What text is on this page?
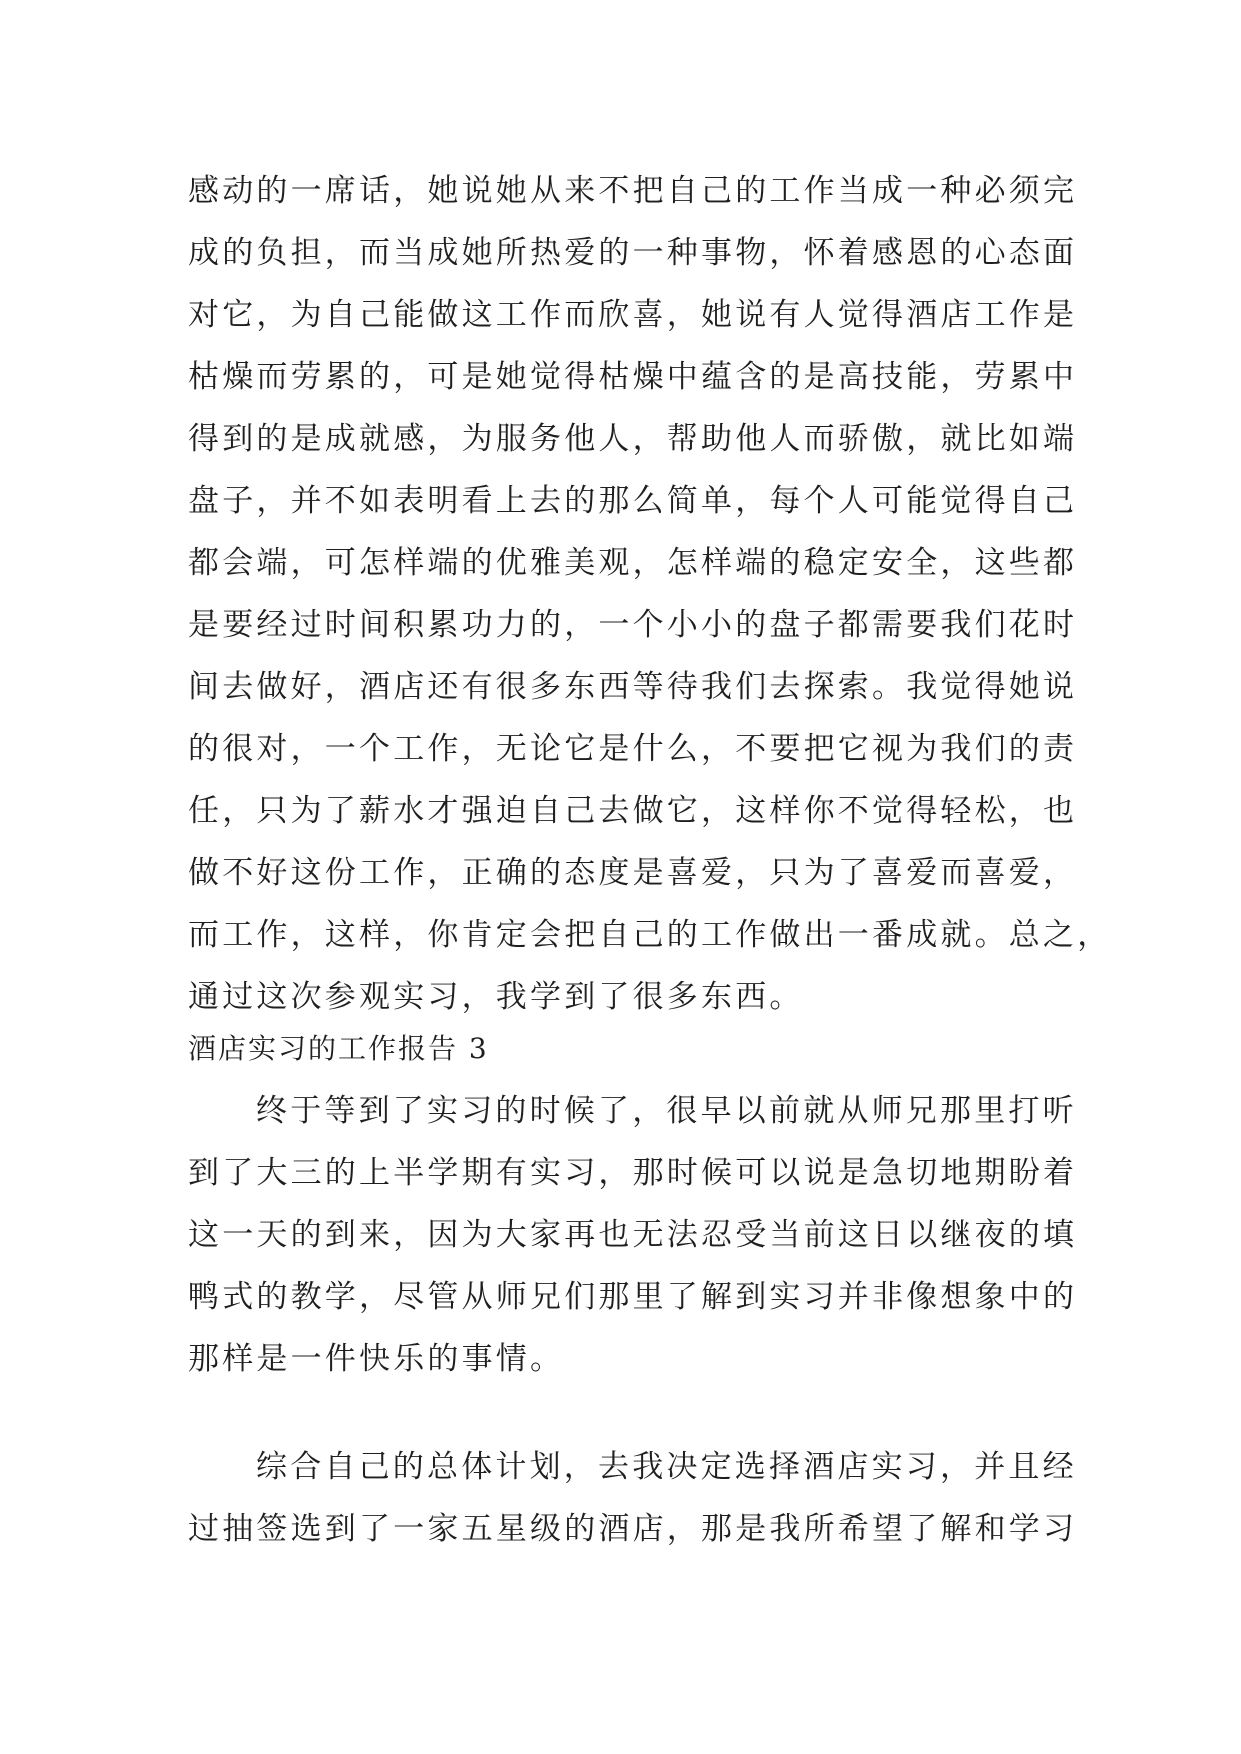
感动的一席话，她说她从来不把自己的工作当成一种必须完
成的负担，而当成她所热爱的一种事物，怀着感恩的心态面
对它，为自己能做这工作而欣喜，她说有人觉得酒店工作是
枯燥而劳累的，可是她觉得枯燥中蕴含的是高技能，劳累中
得到的是成就感，为服务他人，帮助他人而骄傲，就比如端
盘子，并不如表明看上去的那么简单，每个人可能觉得自己
都会端，可怎样端的优雅美观，怎样端的稳定安全，这些都
是要经过时间积累功力的，一个小小的盘子都需要我们花时
间去做好，酒店还有很多东西等待我们去探索。我觉得她说
的很对，一个工作，无论它是什么，不要把它视为我们的责
任，只为了薪水才强迫自己去做它，这样你不觉得轻松，也
做不好这份工作，正确的态度是喜爱，只为了喜爱而喜爱，
而工作，这样，你肯定会把自己的工作做出一番成就。总之，
通过这次参观实习，我学到了很多东西。
酒店实习的工作报告 3
终于等到了实习的时候了，很早以前就从师兄那里打听
到了大三的上半学期有实习，那时候可以说是急切地期盼着
这一天的到来，因为大家再也无法忍受当前这日以继夜的填
鸭式的教学，尽管从师兄们那里了解到实习并非像想象中的
那样是一件快乐的事情。
综合自己的总体计划，去我决定选择酒店实习，并且经
过抽签选到了一家五星级的酒店，那是我所希望了解和学习
